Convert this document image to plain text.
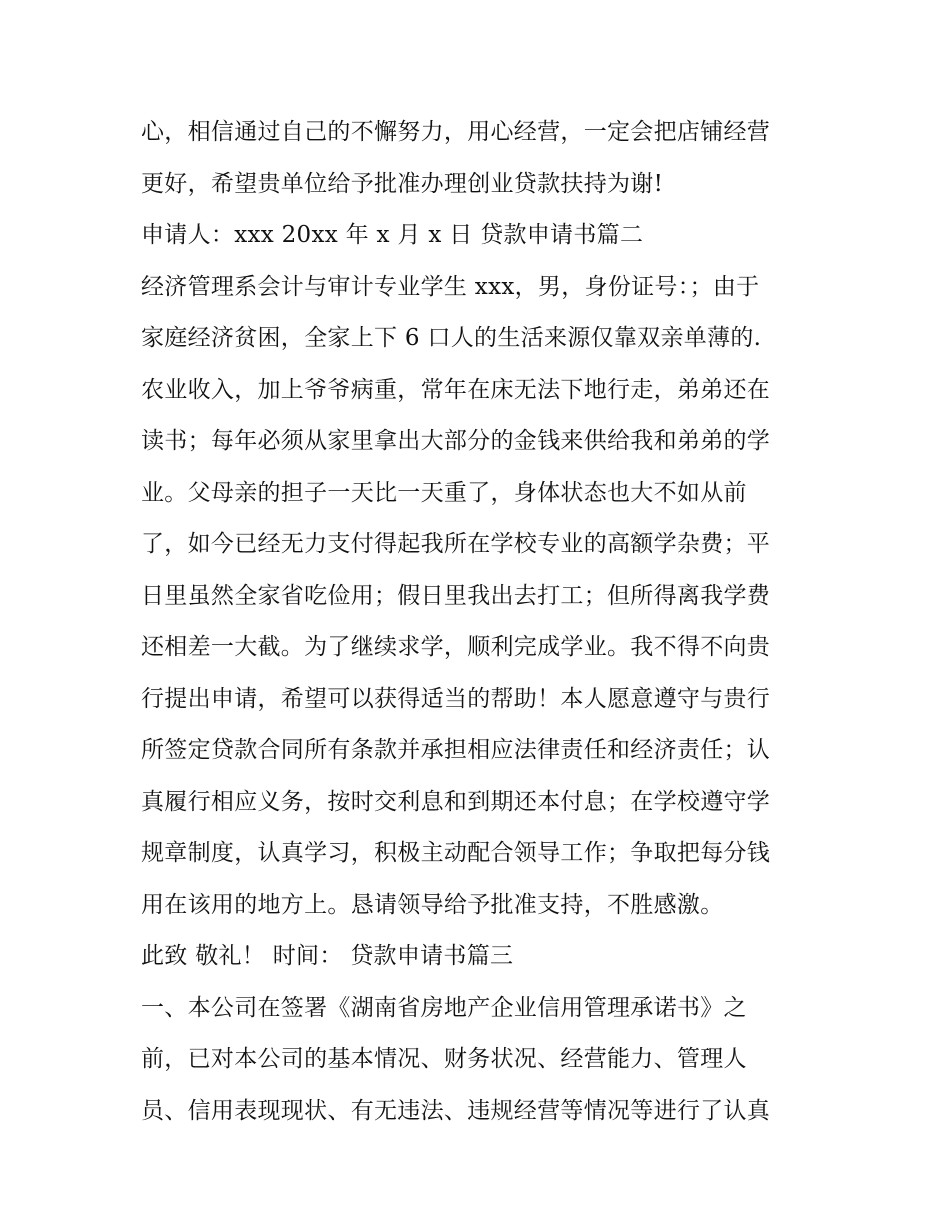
心，相信通过自己的不懈努力，用心经营，一定会把店铺经营
更好，希望贵单位给予批准办理创业贷款扶持为谢!
申请人：xxx 20xx 年 x 月 x 日 贷款申请书篇二
经济管理系会计与审计专业学生 xxx，男，身份证号：；由于
家庭经济贫困，全家上下 6 口人的生活来源仅靠双亲单薄的.
农业收入，加上爷爷病重，常年在床无法下地行走，弟弟还在
读书；每年必须从家里拿出大部分的金钱来供给我和弟弟的学
业。父母亲的担子一天比一天重了，身体状态也大不如从前
了，如今已经无力支付得起我所在学校专业的高额学杂费；平
日里虽然全家省吃俭用；假日里我出去打工；但所得离我学费
还相差一大截。为了继续求学，顺利完成学业。我不得不向贵
行提出申请，希望可以获得适当的帮助！本人愿意遵守与贵行
所签定贷款合同所有条款并承担相应法律责任和经济责任；认
真履行相应义务，按时交利息和到期还本付息；在学校遵守学
规章制度，认真学习，积极主动配合领导工作；争取把每分钱
用在该用的地方上。恳请领导给予批准支持，不胜感激。
此致 敬礼！ 时间： 贷款申请书篇三
一、本公司在签署《湖南省房地产企业信用管理承诺书》之
前，已对本公司的基本情况、财务状况、经营能力、管理人
员、信用表现现状、有无违法、违规经营等情况等进行了认真
